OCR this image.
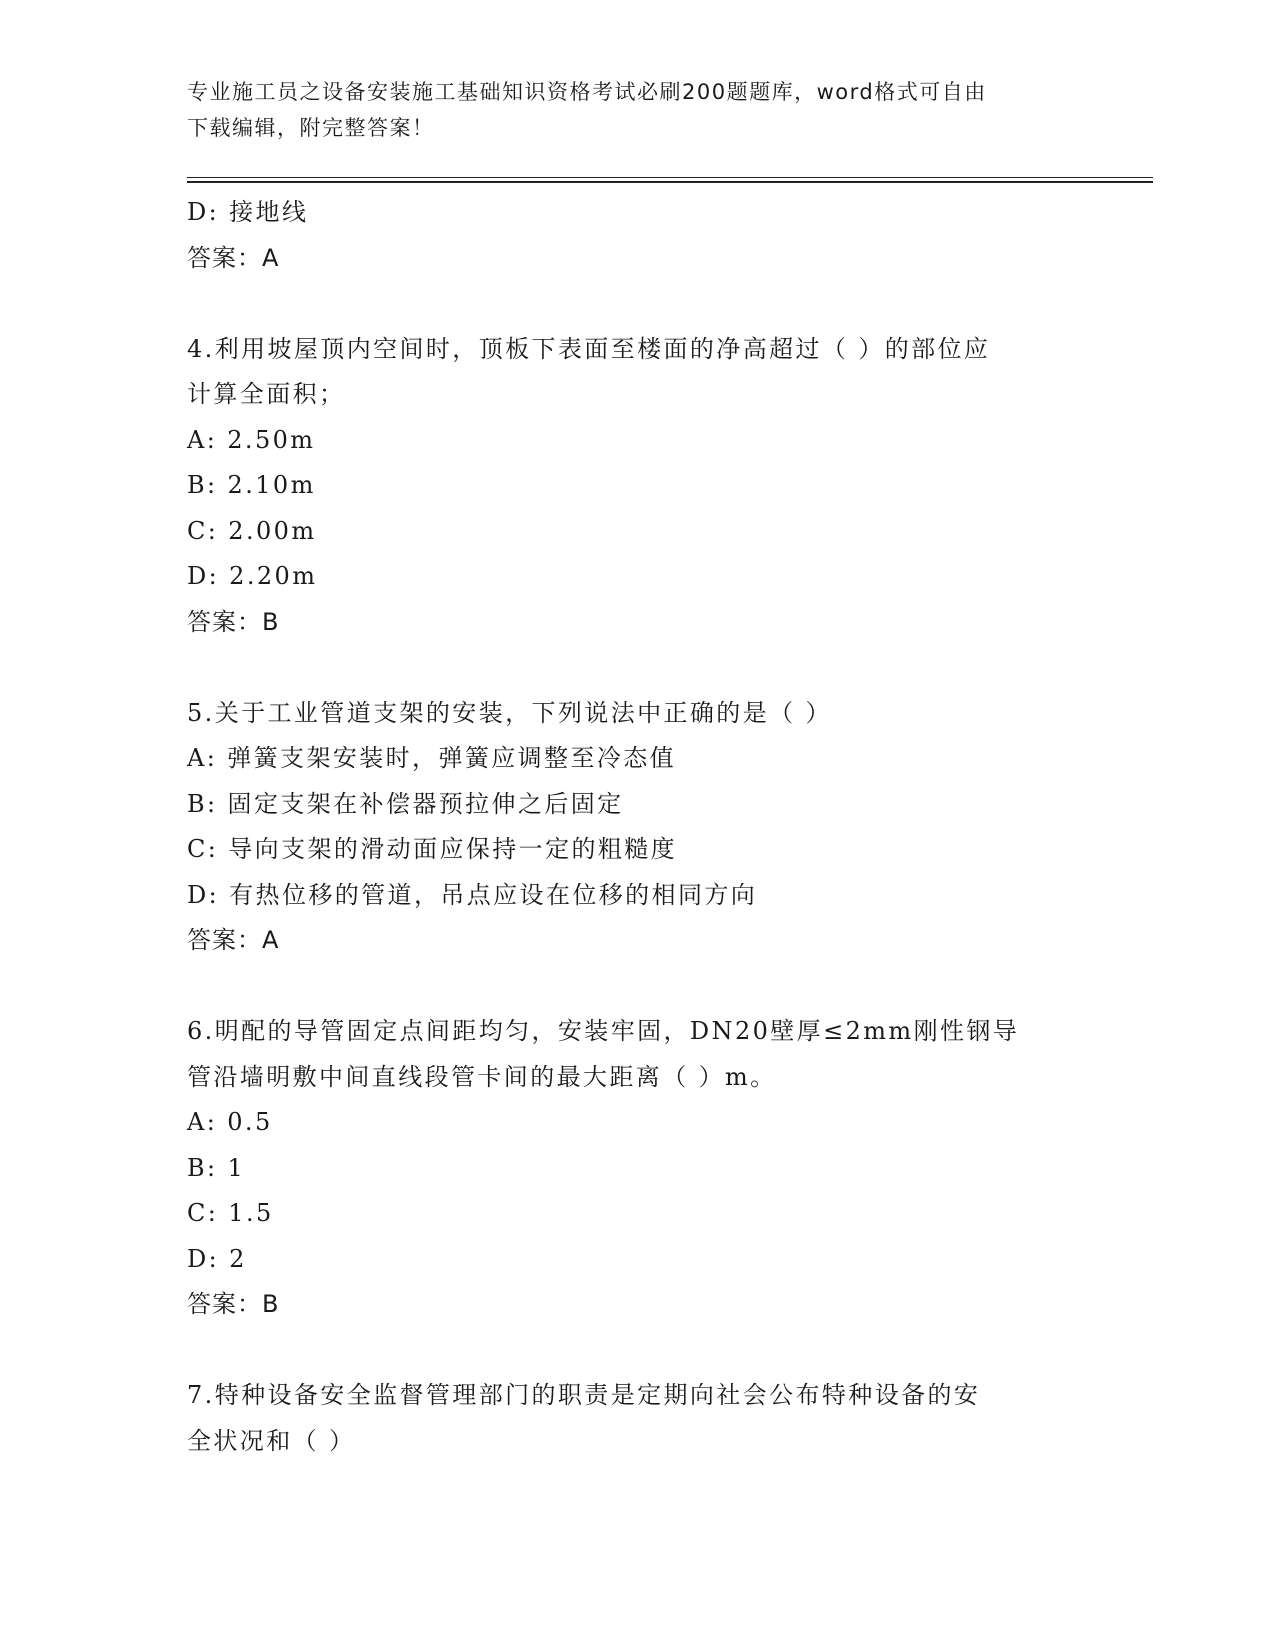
专业施工员之设备安装施工基础知识资格考试必刷200题题库，word格式可自由
下载编辑，附完整答案！
D: 接地线
答案：A
4.利用坡屋顶内空间时，顶板下表面至楼面的净高超过（ ）的部位应
计算全面积；
A: 2.50m
B: 2.10m
C: 2.00m
D: 2.20m
答案：B
5.关于工业管道支架的安装，下列说法中正确的是（ ）
A: 弹簧支架安装时，弹簧应调整至冷态值
B: 固定支架在补偿器预拉伸之后固定
C: 导向支架的滑动面应保持一定的粗糙度
D: 有热位移的管道，吊点应设在位移的相同方向
答案：A
6.明配的导管固定点间距均匀，安装牢固，DN20壁厚≤2mm刚性钢导
管沿墙明敷中间直线段管卡间的最大距离（ ）m。
A: 0.5
B: 1
C: 1.5
D: 2
答案：B
7.特种设备安全监督管理部门的职责是定期向社会公布特种设备的安
全状况和（ ）
